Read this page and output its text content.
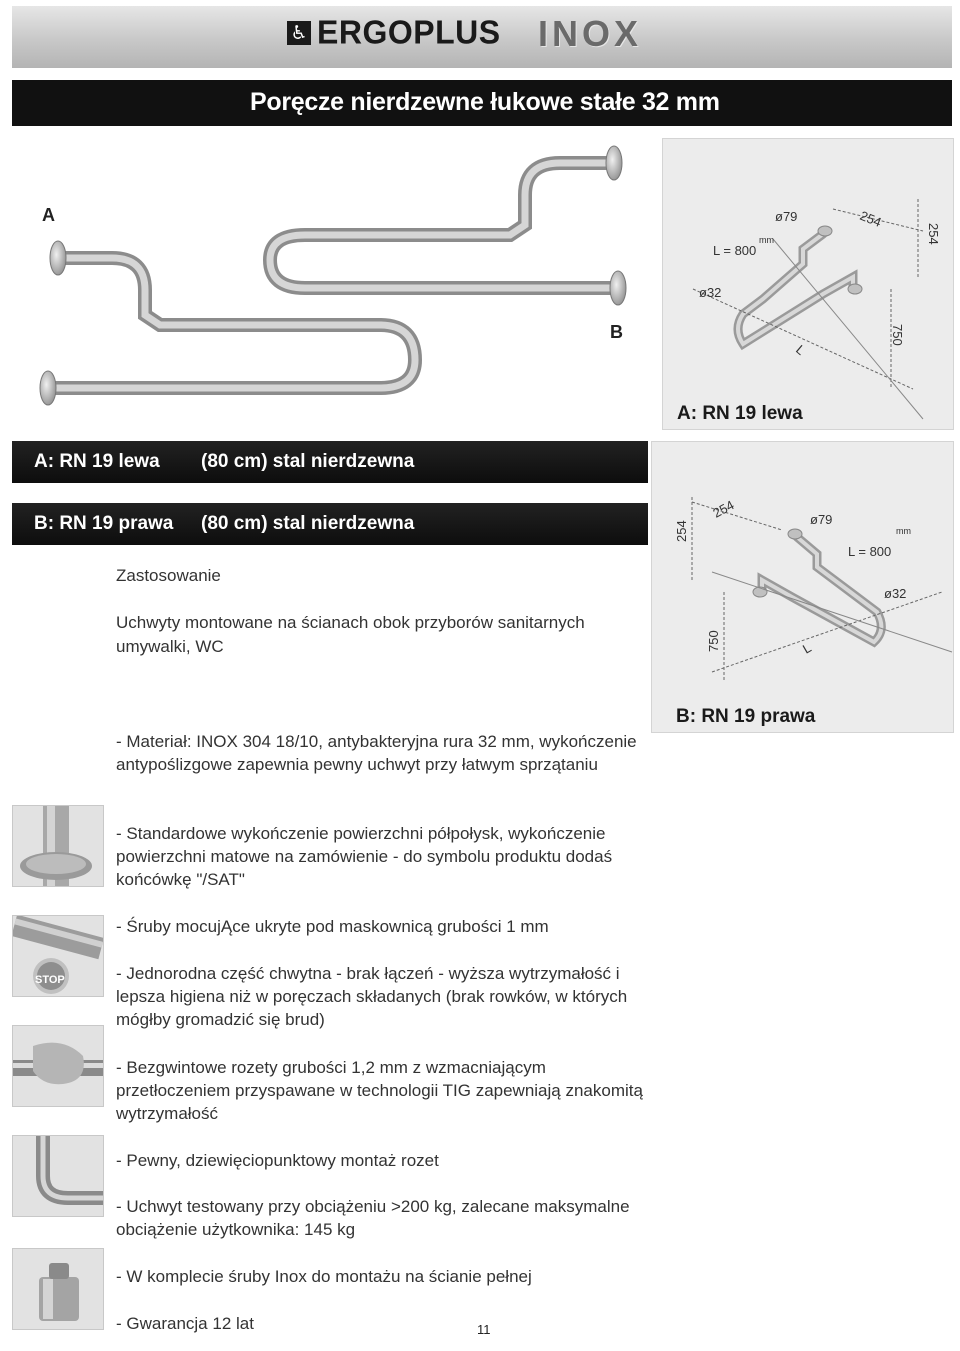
♿ ERGOPLUS INOX
Poręcze nierdzewne łukowe stałe 32 mm
A
B
ø79	254
254
mm
L = 800
ø32
750
L
A: RN 19 lewa
ø79
254
254	mm
L = 800
ø32
750	L
B: RN 19 prawa
A: RN 19 lewa (80 cm) stal nierdzewna
B: RN 19 prawa (80 cm) stal nierdzewna
Zastosowanie
Uchwyty montowane na ścianach obok przyborów sanitarnych umywalki, WC
- Materiał: INOX 304 18/10, antybakteryjna rura 32 mm, wykończenie antypoślizgowe zapewnia pewny uchwyt przy łatwym sprzątaniu
- Standardowe wykończenie powierzchni półpołysk, wykończenie powierzchni matowe na zamówienie - do symbolu produktu dodaś końcówkę "/SAT"
- Śruby mocujĄce ukryte pod maskownicą grubości 1 mm
- Jednorodna część chwytna - brak łączeń - wyższa wytrzymałość i lepsza higiena niż w poręczach składanych (brak rowków, w których mógłby gromadzić się brud)
- Bezgwintowe rozety grubości 1,2 mm z wzmacniającym przetłoczeniem przyspawane w technologii TIG zapewniają znakomitą wytrzymałość
- Pewny, dziewięciopunktowy montaż rozet
- Uchwyt testowany przy obciążeniu >200 kg, zalecane maksymalne obciążenie użytkownika: 145 kg
- W komplecie śruby Inox do montażu na ścianie pełnej
- Gwarancja 12 lat
STOP
11
